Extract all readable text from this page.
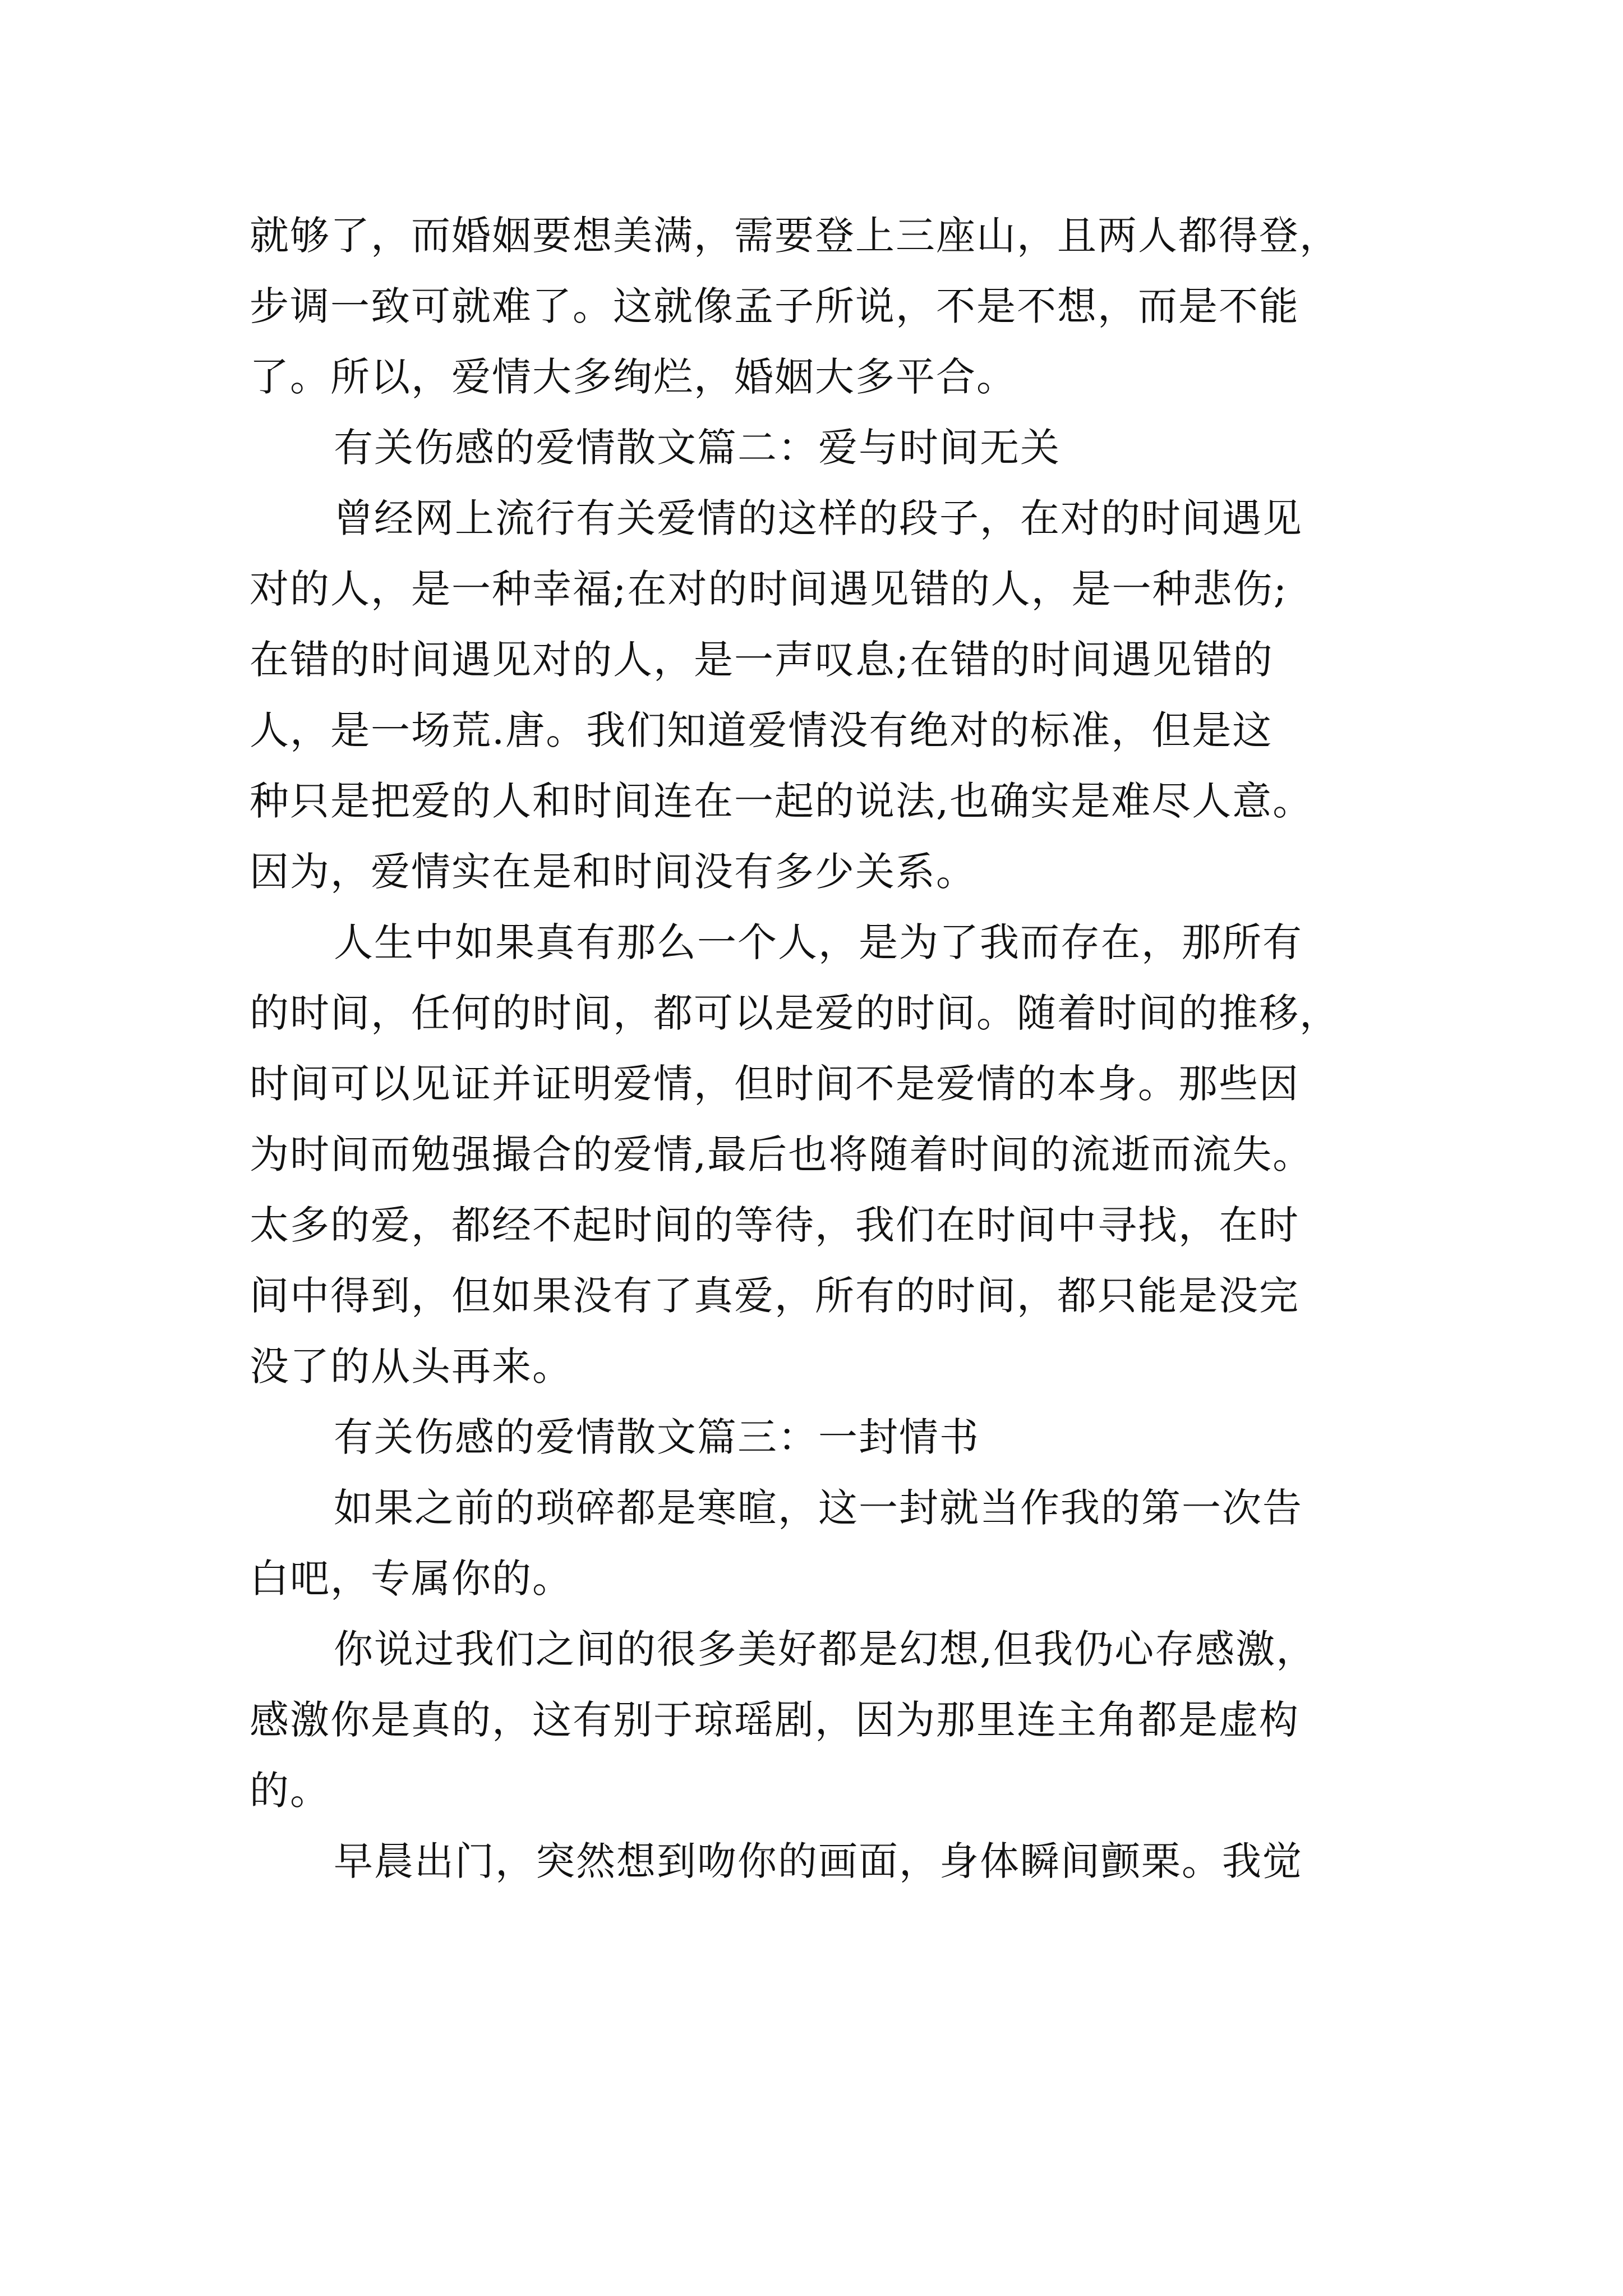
就够了，而婚姻要想美满，需要登上三座山，且两人都得登，
步调一致可就难了。这就像孟子所说，不是不想，而是不能
了。所以，爱情大多绚烂，婚姻大多平合。
有关伤感的爱情散文篇二：爱与时间无关
曾经网上流行有关爱情的这样的段子，在对的时间遇见
对的人，是一种幸福;在对的时间遇见错的人，是一种悲伤;
在错的时间遇见对的人，是一声叹息;在错的时间遇见错的
人，是一场荒.唐。我们知道爱情没有绝对的标准，但是这
种只是把爱的人和时间连在一起的说法,也确实是难尽人意。
因为，爱情实在是和时间没有多少关系。
人生中如果真有那么一个人，是为了我而存在，那所有
的时间，任何的时间，都可以是爱的时间。随着时间的推移，
时间可以见证并证明爱情，但时间不是爱情的本身。那些因
为时间而勉强撮合的爱情,最后也将随着时间的流逝而流失。
太多的爱，都经不起时间的等待，我们在时间中寻找，在时
间中得到，但如果没有了真爱，所有的时间，都只能是没完
没了的从头再来。
有关伤感的爱情散文篇三：一封情书
如果之前的琐碎都是寒暄，这一封就当作我的第一次告
白吧，专属你的。
你说过我们之间的很多美好都是幻想,但我仍心存感激，
感激你是真的，这有别于琼瑶剧，因为那里连主角都是虚构
的。
早晨出门，突然想到吻你的画面，身体瞬间颤栗。我觉
